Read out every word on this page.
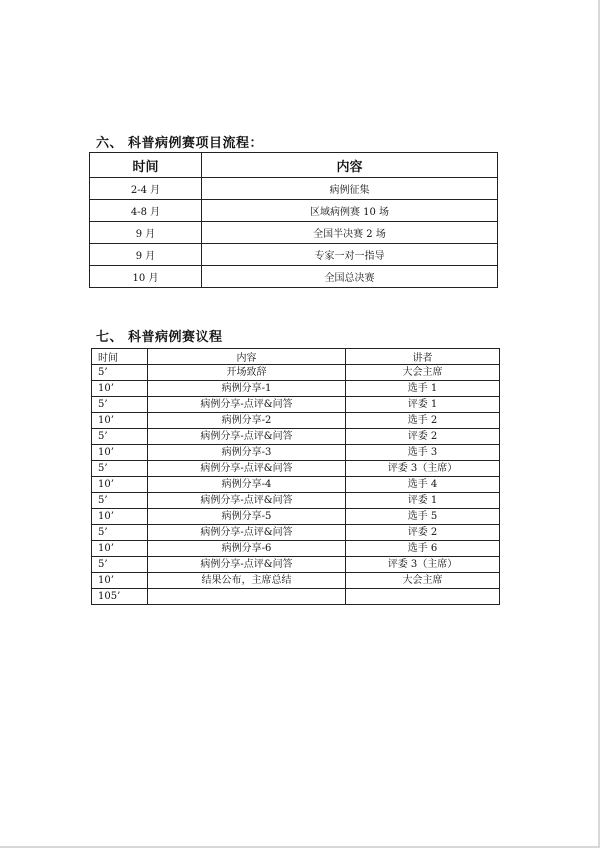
六、 科普病例赛项目流程：
时间	内容
2-4 月	病例征集
4-8 月	区域病例赛 10 场
9 月	全国半决赛 2 场
9 月	专家一对一指导
10 月	全国总决赛
七、 科普病例赛议程
时间	内容	讲者
5’	开场致辞	大会主席
10’	病例分享-1	选手 1
5’	病例分享-点评&问答	评委 1
10’	病例分享-2	选手 2
5’	病例分享-点评&问答	评委 2
10’	病例分享-3	选手 3
5’	病例分享-点评&问答	评委 3（主席）
10’	病例分享-4	选手 4
5’	病例分享-点评&问答	评委 1
10’	病例分享-5	选手 5
5’	病例分享-点评&问答	评委 2
10’	病例分享-6	选手 6
5’	病例分享-点评&问答	评委 3（主席）
10’	结果公布，主席总结	大会主席
105’		
